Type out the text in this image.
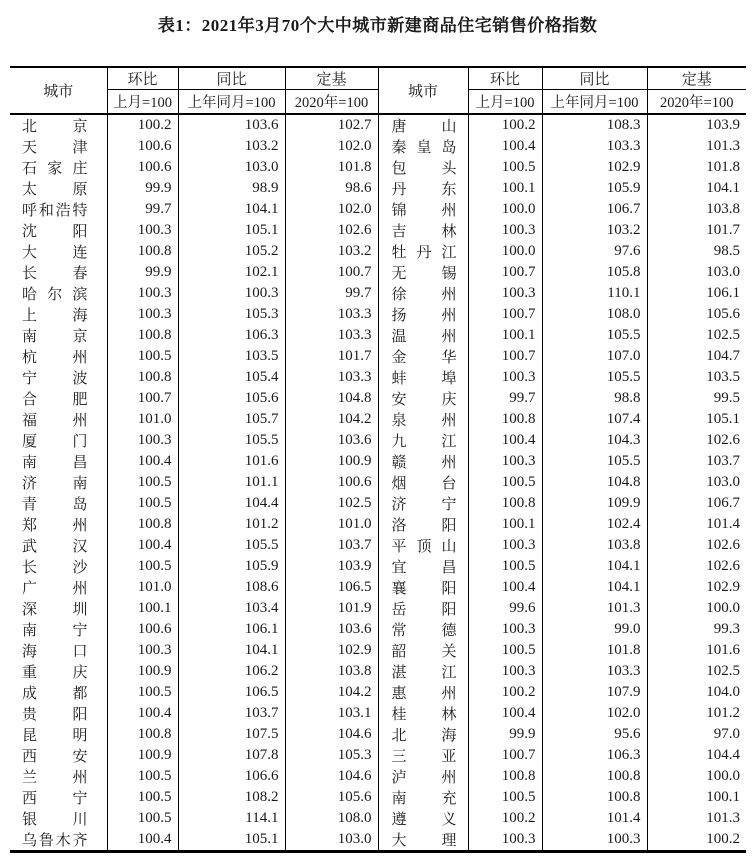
表1：2021年3月70个大中城市新建商品住宅销售价格指数
城市	环比	同比	定基	城市	环比	同比	定基
	上月=100	上年同月=100	2020年=100		上月=100	上年同月=100	2020年=100

北 京	100.2	103.6	102.7	唐 山	100.2	108.3	103.9

天 津	100.6	103.2	102.0	秦 皇 岛	100.4	103.3	101.3

石 家 庄	100.6	103.0	101.8	包 头	100.5	102.9	101.8

太 原	99.9	98.9	98.6	丹 东	100.1	105.9	104.1

呼 和 浩 特	99.7	104.1	102.0	锦 州	100.0	106.7	103.8

沈 阳	100.3	105.1	102.6	吉 林	100.3	103.2	101.7

大 连	100.8	105.2	103.2	牡 丹 江	100.0	97.6	98.5

长 春	99.9	102.1	100.7	无 锡	100.7	105.8	103.0

哈 尔 滨	100.3	100.3	99.7	徐 州	100.3	110.1	106.1

上 海	100.3	105.3	103.3	扬 州	100.7	108.0	105.6

南 京	100.8	106.3	103.3	温 州	100.1	105.5	102.5

杭 州	100.5	103.5	101.7	金 华	100.7	107.0	104.7

宁 波	100.8	105.4	103.3	蚌 埠	100.3	105.5	103.5

合 肥	100.7	105.6	104.8	安 庆	99.7	98.8	99.5

福 州	101.0	105.7	104.2	泉 州	100.8	107.4	105.1

厦 门	100.3	105.5	103.6	九 江	100.4	104.3	102.6

南 昌	100.4	101.6	100.9	赣 州	100.3	105.5	103.7

济 南	100.5	101.1	100.6	烟 台	100.5	104.8	103.0

青 岛	100.5	104.4	102.5	济 宁	100.8	109.9	106.7

郑 州	100.8	101.2	101.0	洛 阳	100.1	102.4	101.4

武 汉	100.4	105.5	103.7	平 顶 山	100.3	103.8	102.6

长 沙	100.5	105.9	103.9	宜 昌	100.5	104.1	102.6

广 州	101.0	108.6	106.5	襄 阳	100.4	104.1	102.9

深 圳	100.1	103.4	101.9	岳 阳	99.6	101.3	100.0

南 宁	100.6	106.1	103.6	常 德	100.3	99.0	99.3

海 口	100.3	104.1	102.9	韶 关	100.5	101.8	101.6

重 庆	100.9	106.2	103.8	湛 江	100.3	103.3	102.5

成 都	100.5	106.5	104.2	惠 州	100.2	107.9	104.0

贵 阳	100.4	103.7	103.1	桂 林	100.4	102.0	101.2

昆 明	100.8	107.5	104.6	北 海	99.9	95.6	97.0

西 安	100.9	107.8	105.3	三 亚	100.7	106.3	104.4

兰 州	100.5	106.6	104.6	泸 州	100.8	100.8	100.0

西 宁	100.5	108.2	105.6	南 充	100.5	100.8	100.1

银 川	100.5	114.1	108.0	遵 义	100.2	101.4	101.3

乌 鲁 木 齐	100.4	105.1	103.0	大 理	100.3	100.3	100.2
